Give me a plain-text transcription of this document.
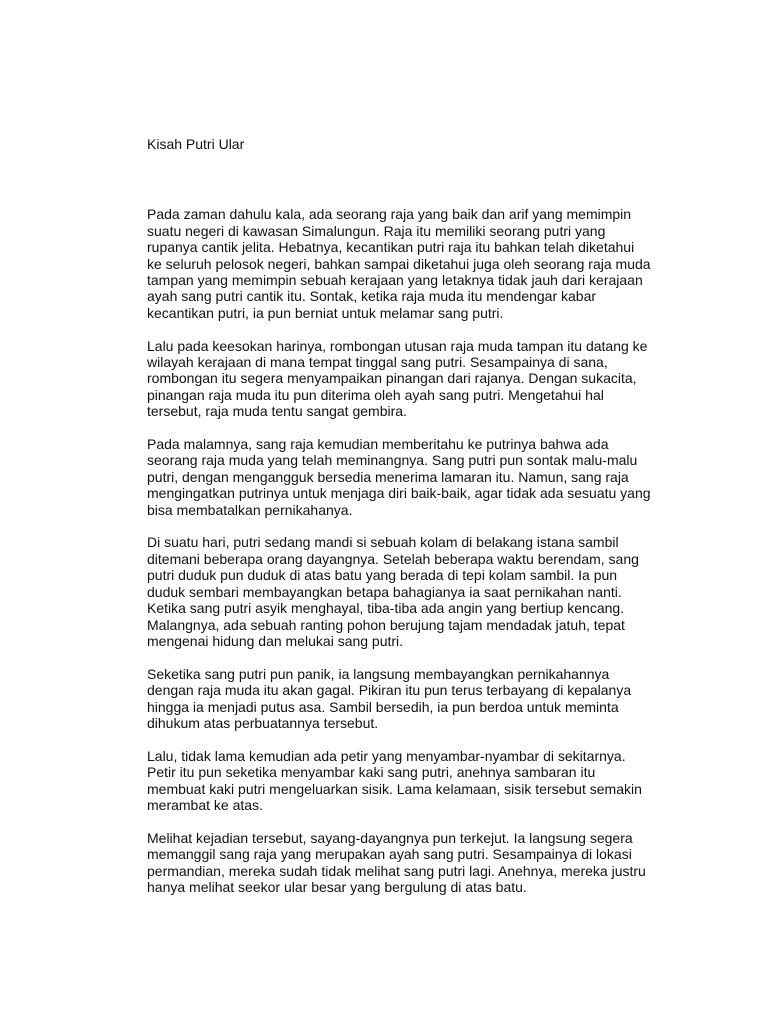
Kisah Putri Ular
Pada zaman dahulu kala, ada seorang raja yang baik dan arif yang memimpin
suatu negeri di kawasan Simalungun. Raja itu memiliki seorang putri yang
rupanya cantik jelita. Hebatnya, kecantikan putri raja itu bahkan telah diketahui
ke seluruh pelosok negeri, bahkan sampai diketahui juga oleh seorang raja muda
tampan yang memimpin sebuah kerajaan yang letaknya tidak jauh dari kerajaan
ayah sang putri cantik itu. Sontak, ketika raja muda itu mendengar kabar
kecantikan putri, ia pun berniat untuk melamar sang putri.
Lalu pada keesokan harinya, rombongan utusan raja muda tampan itu datang ke
wilayah kerajaan di mana tempat tinggal sang putri. Sesampainya di sana,
rombongan itu segera menyampaikan pinangan dari rajanya. Dengan sukacita,
pinangan raja muda itu pun diterima oleh ayah sang putri. Mengetahui hal
tersebut, raja muda tentu sangat gembira.
Pada malamnya, sang raja kemudian memberitahu ke putrinya bahwa ada
seorang raja muda yang telah meminangnya. Sang putri pun sontak malu-malu
putri, dengan mengangguk bersedia menerima lamaran itu. Namun, sang raja
mengingatkan putrinya untuk menjaga diri baik-baik, agar tidak ada sesuatu yang
bisa membatalkan pernikahanya.
Di suatu hari, putri sedang mandi si sebuah kolam di belakang istana sambil
ditemani beberapa orang dayangnya. Setelah beberapa waktu berendam, sang
putri duduk pun duduk di atas batu yang berada di tepi kolam sambil. Ia pun
duduk sembari membayangkan betapa bahagianya ia saat pernikahan nanti.
Ketika sang putri asyik menghayal, tiba-tiba ada angin yang bertiup kencang.
Malangnya, ada sebuah ranting pohon berujung tajam mendadak jatuh, tepat
mengenai hidung dan melukai sang putri.
Seketika sang putri pun panik, ia langsung membayangkan pernikahannya
dengan raja muda itu akan gagal. Pikiran itu pun terus terbayang di kepalanya
hingga ia menjadi putus asa. Sambil bersedih, ia pun berdoa untuk meminta
dihukum atas perbuatannya tersebut.
Lalu, tidak lama kemudian ada petir yang menyambar-nyambar di sekitarnya.
Petir itu pun seketika menyambar kaki sang putri, anehnya sambaran itu
membuat kaki putri mengeluarkan sisik. Lama kelamaan, sisik tersebut semakin
merambat ke atas.
Melihat kejadian tersebut, sayang-dayangnya pun terkejut. Ia langsung segera
memanggil sang raja yang merupakan ayah sang putri. Sesampainya di lokasi
permandian, mereka sudah tidak melihat sang putri lagi. Anehnya, mereka justru
hanya melihat seekor ular besar yang bergulung di atas batu.
